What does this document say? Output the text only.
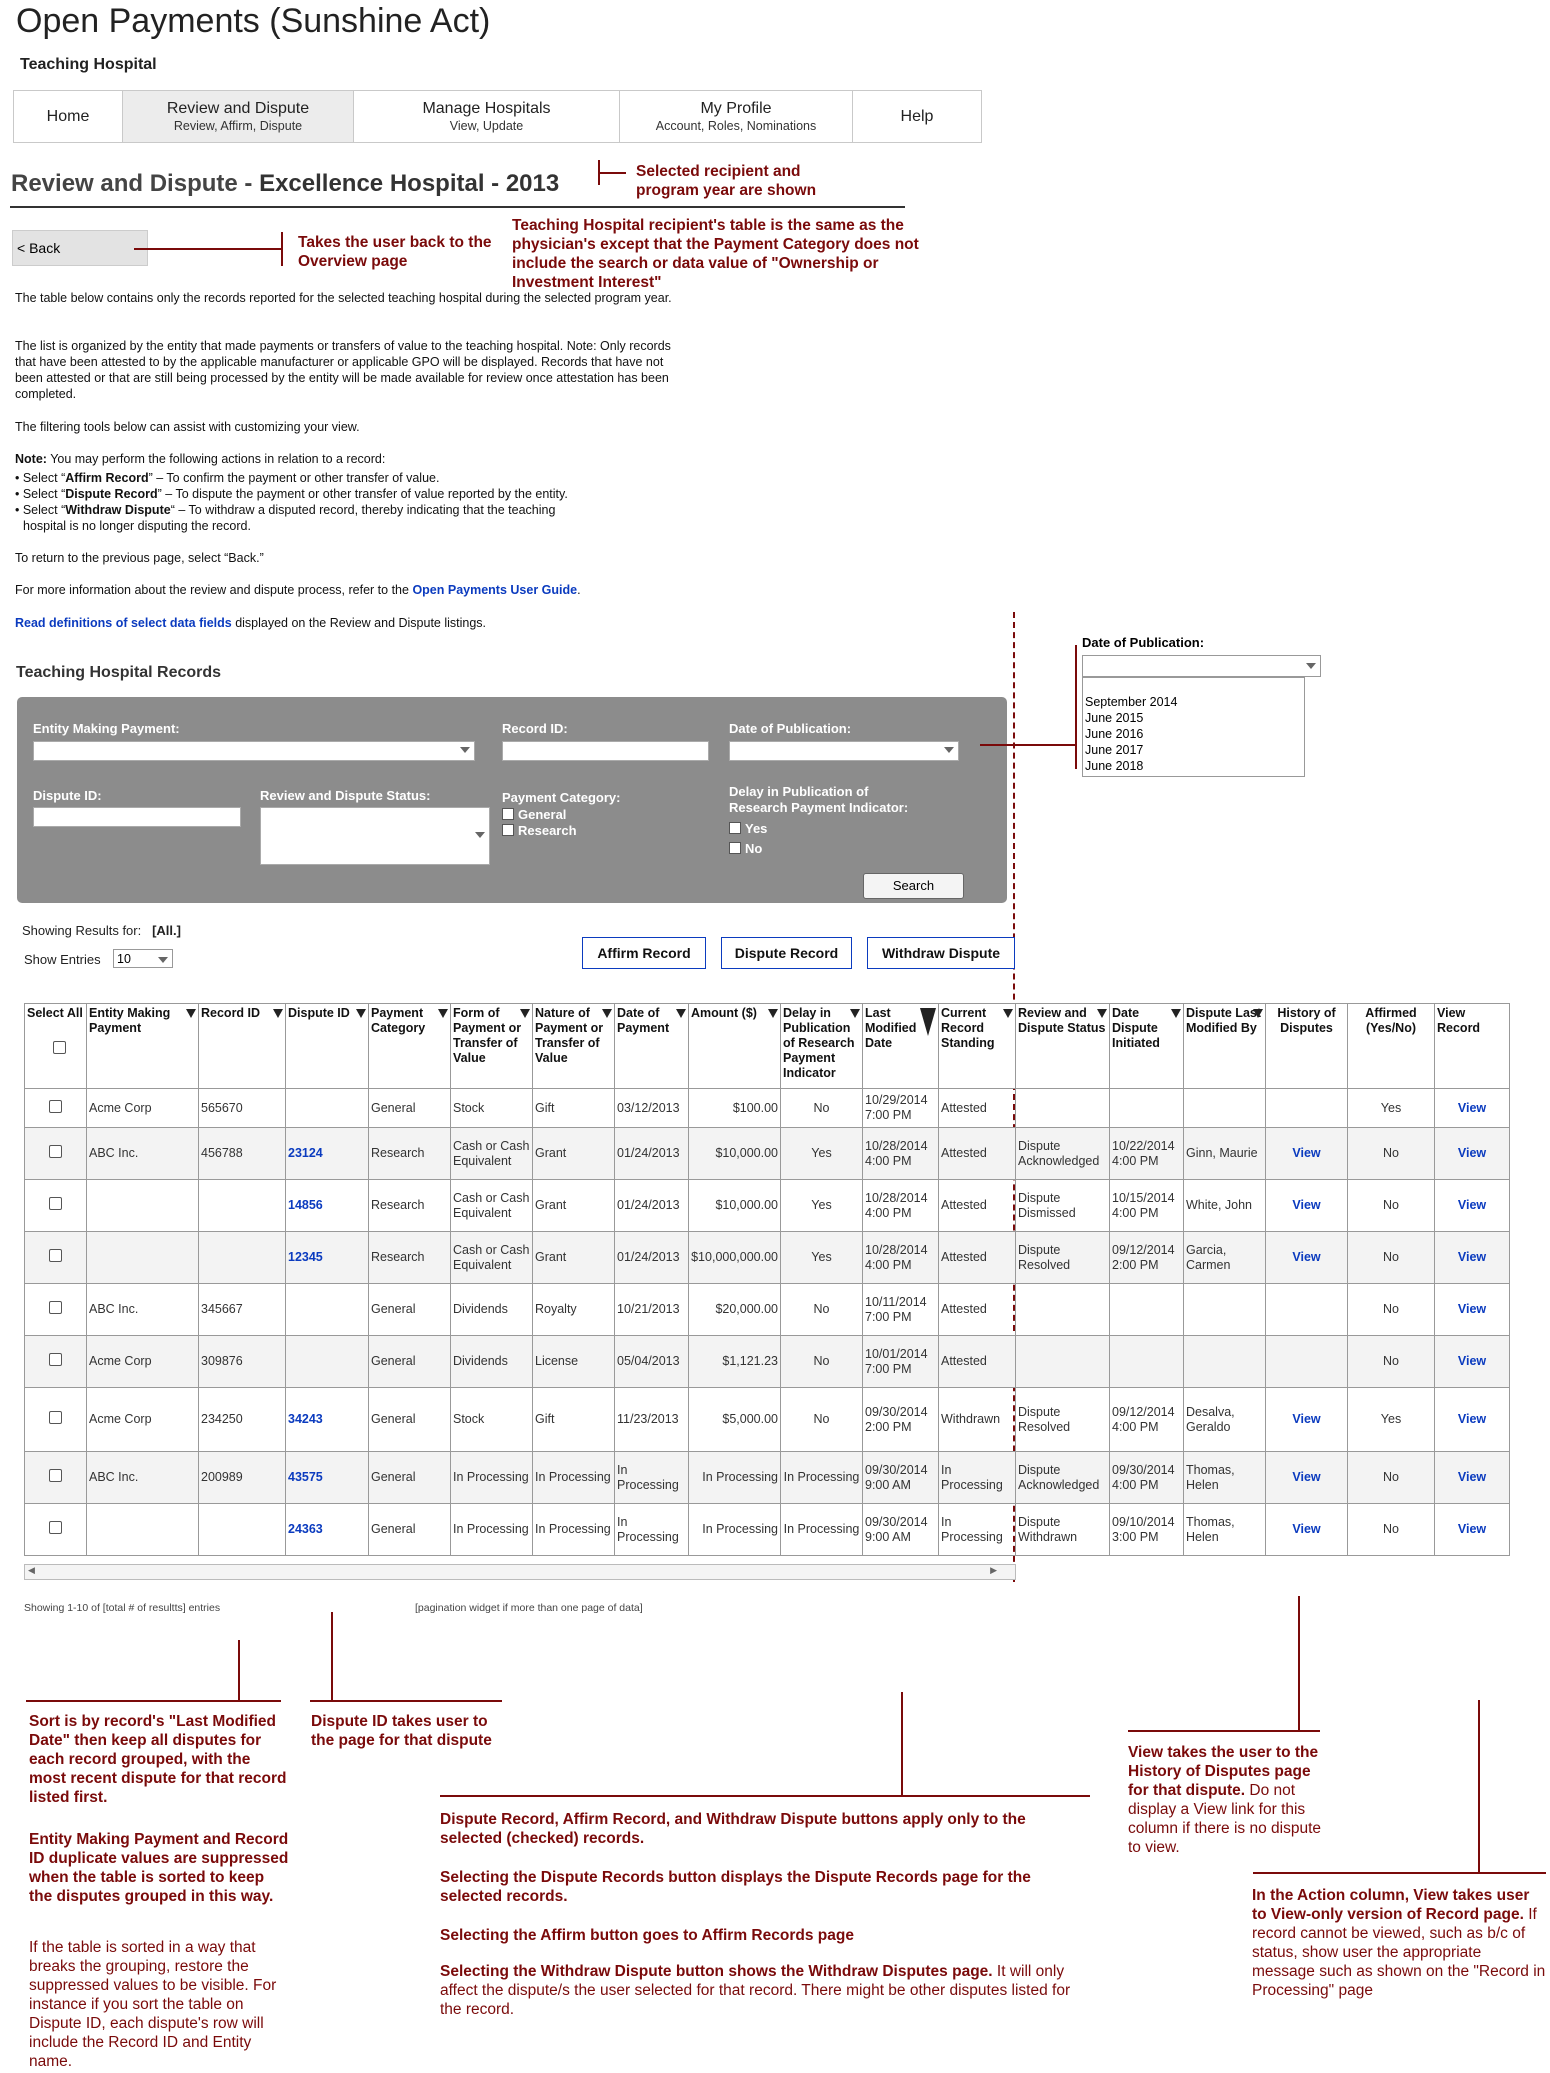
Open Payments (Sunshine Act)
Teaching Hospital
Home	Review and Dispute
Review, Affirm, Dispute
Manage Hospitals
View, Update
My Profile
Account, Roles, Nominations
Help
Review and Dispute - Excellence Hospital - 2013	Selected recipient and program year are shown
< Back	Takes the user back to the Overview page
Teaching Hospital recipient's table is the same as the physician's except that the Payment Category does not include the search or data value of "Ownership or Investment Interest"
The table below contains only the records reported for the selected teaching hospital during the selected program year.
The list is organized by the entity that made payments or transfers of value to the teaching hospital. Note: Only records that have been attested to by the applicable manufacturer or applicable GPO will be displayed. Records that have not been attested or that are still being processed by the entity will be made available for review once attestation has been completed.
The filtering tools below can assist with customizing your view.
Note: You may perform the following actions in relation to a record:
• Select “Affirm Record” – To confirm the payment or other transfer of value.
• Select “Dispute Record” – To dispute the payment or other transfer of value reported by the entity.
• Select “Withdraw Dispute“ – To withdraw a disputed record, thereby indicating that the teaching
hospital is no longer disputing the record.
To return to the previous page, select “Back.”
For more information about the review and dispute process, refer to the Open Payments User Guide.
Read definitions of select data fields displayed on the Review and Dispute listings.
Teaching Hospital Records
Entity Making Payment:	Record ID:	Date of Publication:
Dispute ID:	Review and Dispute Status:	Payment Category:
General
Research
Delay in Publication of Research Payment Indicator:
Yes
No
Search
Date of Publication:
September 2014
June 2015
June 2016
June 2017
June 2018
Showing Results for: [All.]
Show Entries	10	Affirm Record	Dispute Record	Withdraw Dispute
Select All	Entity Making Payment	Record ID	Dispute ID	Payment Category	Form of Payment or Transfer of Value	Nature of Payment or Transfer of Value	Date of Payment	Amount ($)	Delay in Publication of Research Payment Indicator	Last Modified Date	Current Record Standing	Review and Dispute Status	Date Dispute Initiated	Dispute Last Modified By	History of Disputes	Affirmed (Yes/No)	View Record
	Acme Corp	565670		General	Stock	Gift	03/12/2013	$100.00	No	10/29/2014 7:00 PM	Attested					Yes	View
	ABC Inc.	456788	23124	Research	Cash or Cash Equivalent	Grant	01/24/2013	$10,000.00	Yes	10/28/2014 4:00 PM	Attested	Dispute Acknowledged	10/22/2014 4:00 PM	Ginn, Maurie	View	No	View
			14856	Research	Cash or Cash Equivalent	Grant	01/24/2013	$10,000.00	Yes	10/28/2014 4:00 PM	Attested	Dispute Dismissed	10/15/2014 4:00 PM	White, John	View	No	View
			12345	Research	Cash or Cash Equivalent	Grant	01/24/2013	$10,000,000.00	Yes	10/28/2014 4:00 PM	Attested	Dispute Resolved	09/12/2014 2:00 PM	Garcia, Carmen	View	No	View
	ABC Inc.	345667		General	Dividends	Royalty	10/21/2013	$20,000.00	No	10/11/2014 7:00 PM	Attested					No	View
	Acme Corp	309876		General	Dividends	License	05/04/2013	$1,121.23	No	10/01/2014 7:00 PM	Attested					No	View
	Acme Corp	234250	34243	General	Stock	Gift	11/23/2013	$5,000.00	No	09/30/2014 2:00 PM	Withdrawn	Dispute Resolved	09/12/2014 4:00 PM	Desalva, Geraldo	View	Yes	View
	ABC Inc.	200989	43575	General	In Processing	In Processing	In Processing	In Processing	In Processing	09/30/2014 9:00 AM	In Processing	Dispute Acknowledged	09/30/2014 4:00 PM	Thomas, Helen	View	No	View
			24363	General	In Processing	In Processing	In Processing	In Processing	In Processing	09/30/2014 9:00 AM	In Processing	Dispute Withdrawn	09/10/2014 3:00 PM	Thomas, Helen	View	No	View
◀	▶
Showing 1-10 of [total # of resultts] entries	[pagination widget if more than one page of data]
Sort is by record's "Last Modified Date" then keep all disputes for each record grouped, with the most recent dispute for that record listed first.
Entity Making Payment and Record ID duplicate values are suppressed when the table is sorted to keep the disputes grouped in this way.
If the table is sorted in a way that breaks the grouping, restore the suppressed values to be visible. For instance if you sort the table on Dispute ID, each dispute's row will include the Record ID and Entity name.
Dispute ID takes user to the page for that dispute
Dispute Record, Affirm Record, and Withdraw Dispute buttons apply only to the selected (checked) records.
Selecting the Dispute Records button displays the Dispute Records page for the selected records.
Selecting the Affirm button goes to Affirm Records page
Selecting the Withdraw Dispute button shows the Withdraw Disputes page. It will only affect the dispute/s the user selected for that record. There might be other disputes listed for the record.
View takes the user to the History of Disputes page for that dispute. Do not display a View link for this column if there is no dispute to view.
In the Action column, View takes user to View-only version of Record page. If record cannot be viewed, such as b/c of status, show user the appropriate message such as shown on the "Record in Processing" page
